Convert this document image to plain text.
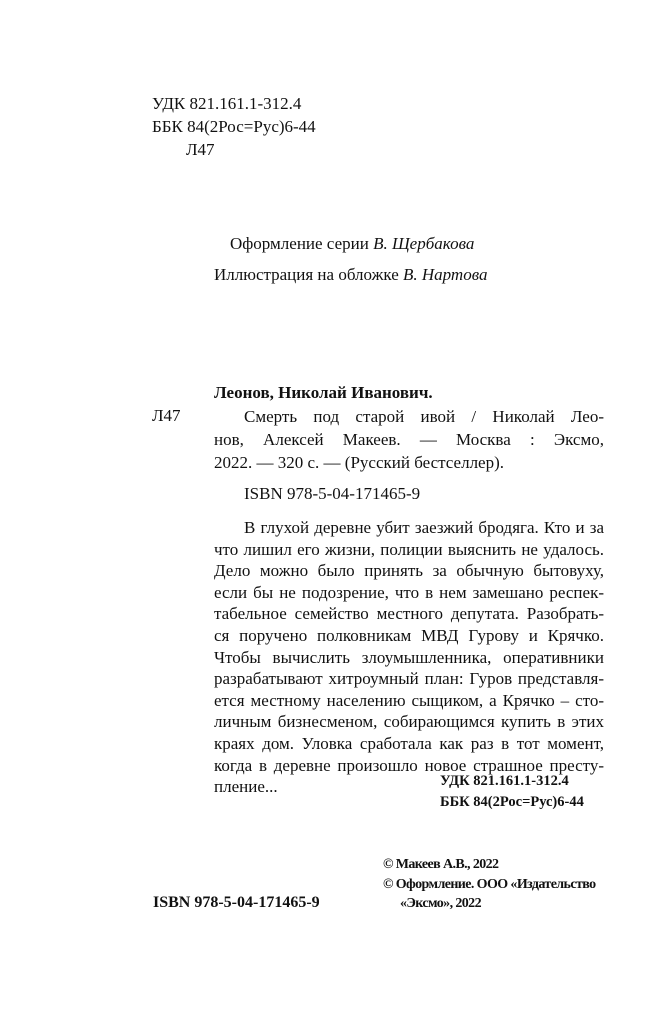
УДК 821.161.1-312.4
ББК 84(2Рос=Рус)6-44
Л47
Оформление серии В. Щербакова
Иллюстрация на обложке В. Нартова
Леонов, Николай Иванович.
Л47	Смерть под старой ивой / Николай Лео-
нов, Алексей Макеев. — Москва : Эксмо,
2022. — 320 с. — (Русский бестселлер).
ISBN 978-5-04-171465-9
В глухой деревне убит заезжий бродяга. Кто и за
что лишил его жизни, полиции выяснить не удалось.
Дело можно было принять за обычную бытовуху,
если бы не подозрение, что в нем замешано респек-
табельное семейство местного депутата. Разобрать-
ся поручено полковникам МВД Гурову и Крячко.
Чтобы вычислить злоумышленника, оперативники
разрабатывают хитроумный план: Гуров представля-
ется местному населению сыщиком, а Крячко – сто-
личным бизнесменом, собирающимся купить в этих
краях дом. Уловка сработала как раз в тот момент,
когда в деревне произошло новое страшное престу-
пление...	УДК 821.161.1-312.4
ББК 84(2Рос=Рус)6-44
© Макеев А.В., 2022
© Оформление. ООО «Издательство
«Эксмо», 2022
ISBN 978-5-04-171465-9
